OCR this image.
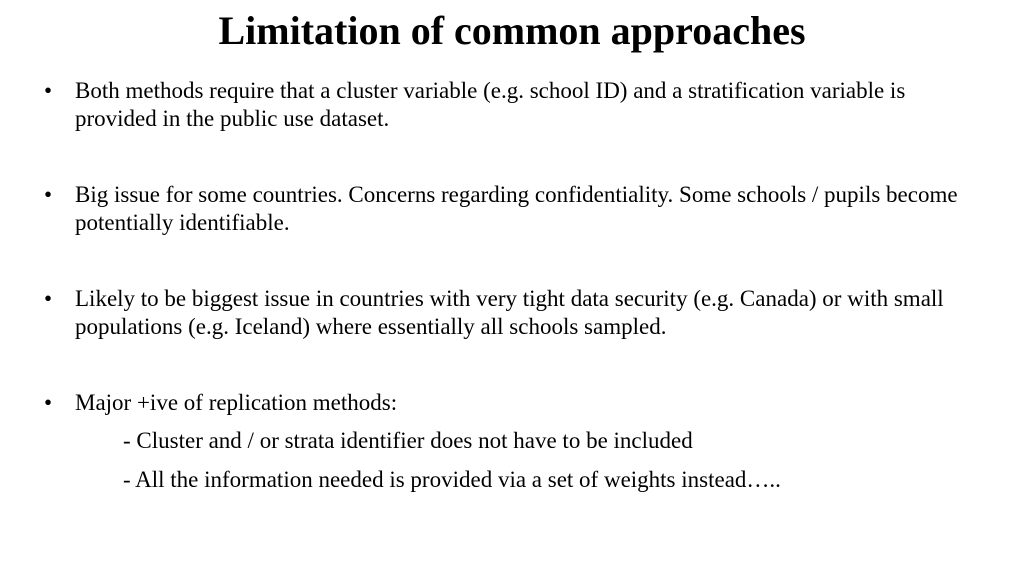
Limitation of common approaches
• Both methods require that a cluster variable (e.g. school ID) and a stratification variable is provided in the public use dataset.
• Big issue for some countries. Concerns regarding confidentiality. Some schools / pupils become potentially identifiable.
• Likely to be biggest issue in countries with very tight data security (e.g. Canada) or with small populations (e.g. Iceland) where essentially all schools sampled.
• Major +ive of replication methods:
- Cluster and / or strata identifier does not have to be included
- All the information needed is provided via a set of weights instead…..
